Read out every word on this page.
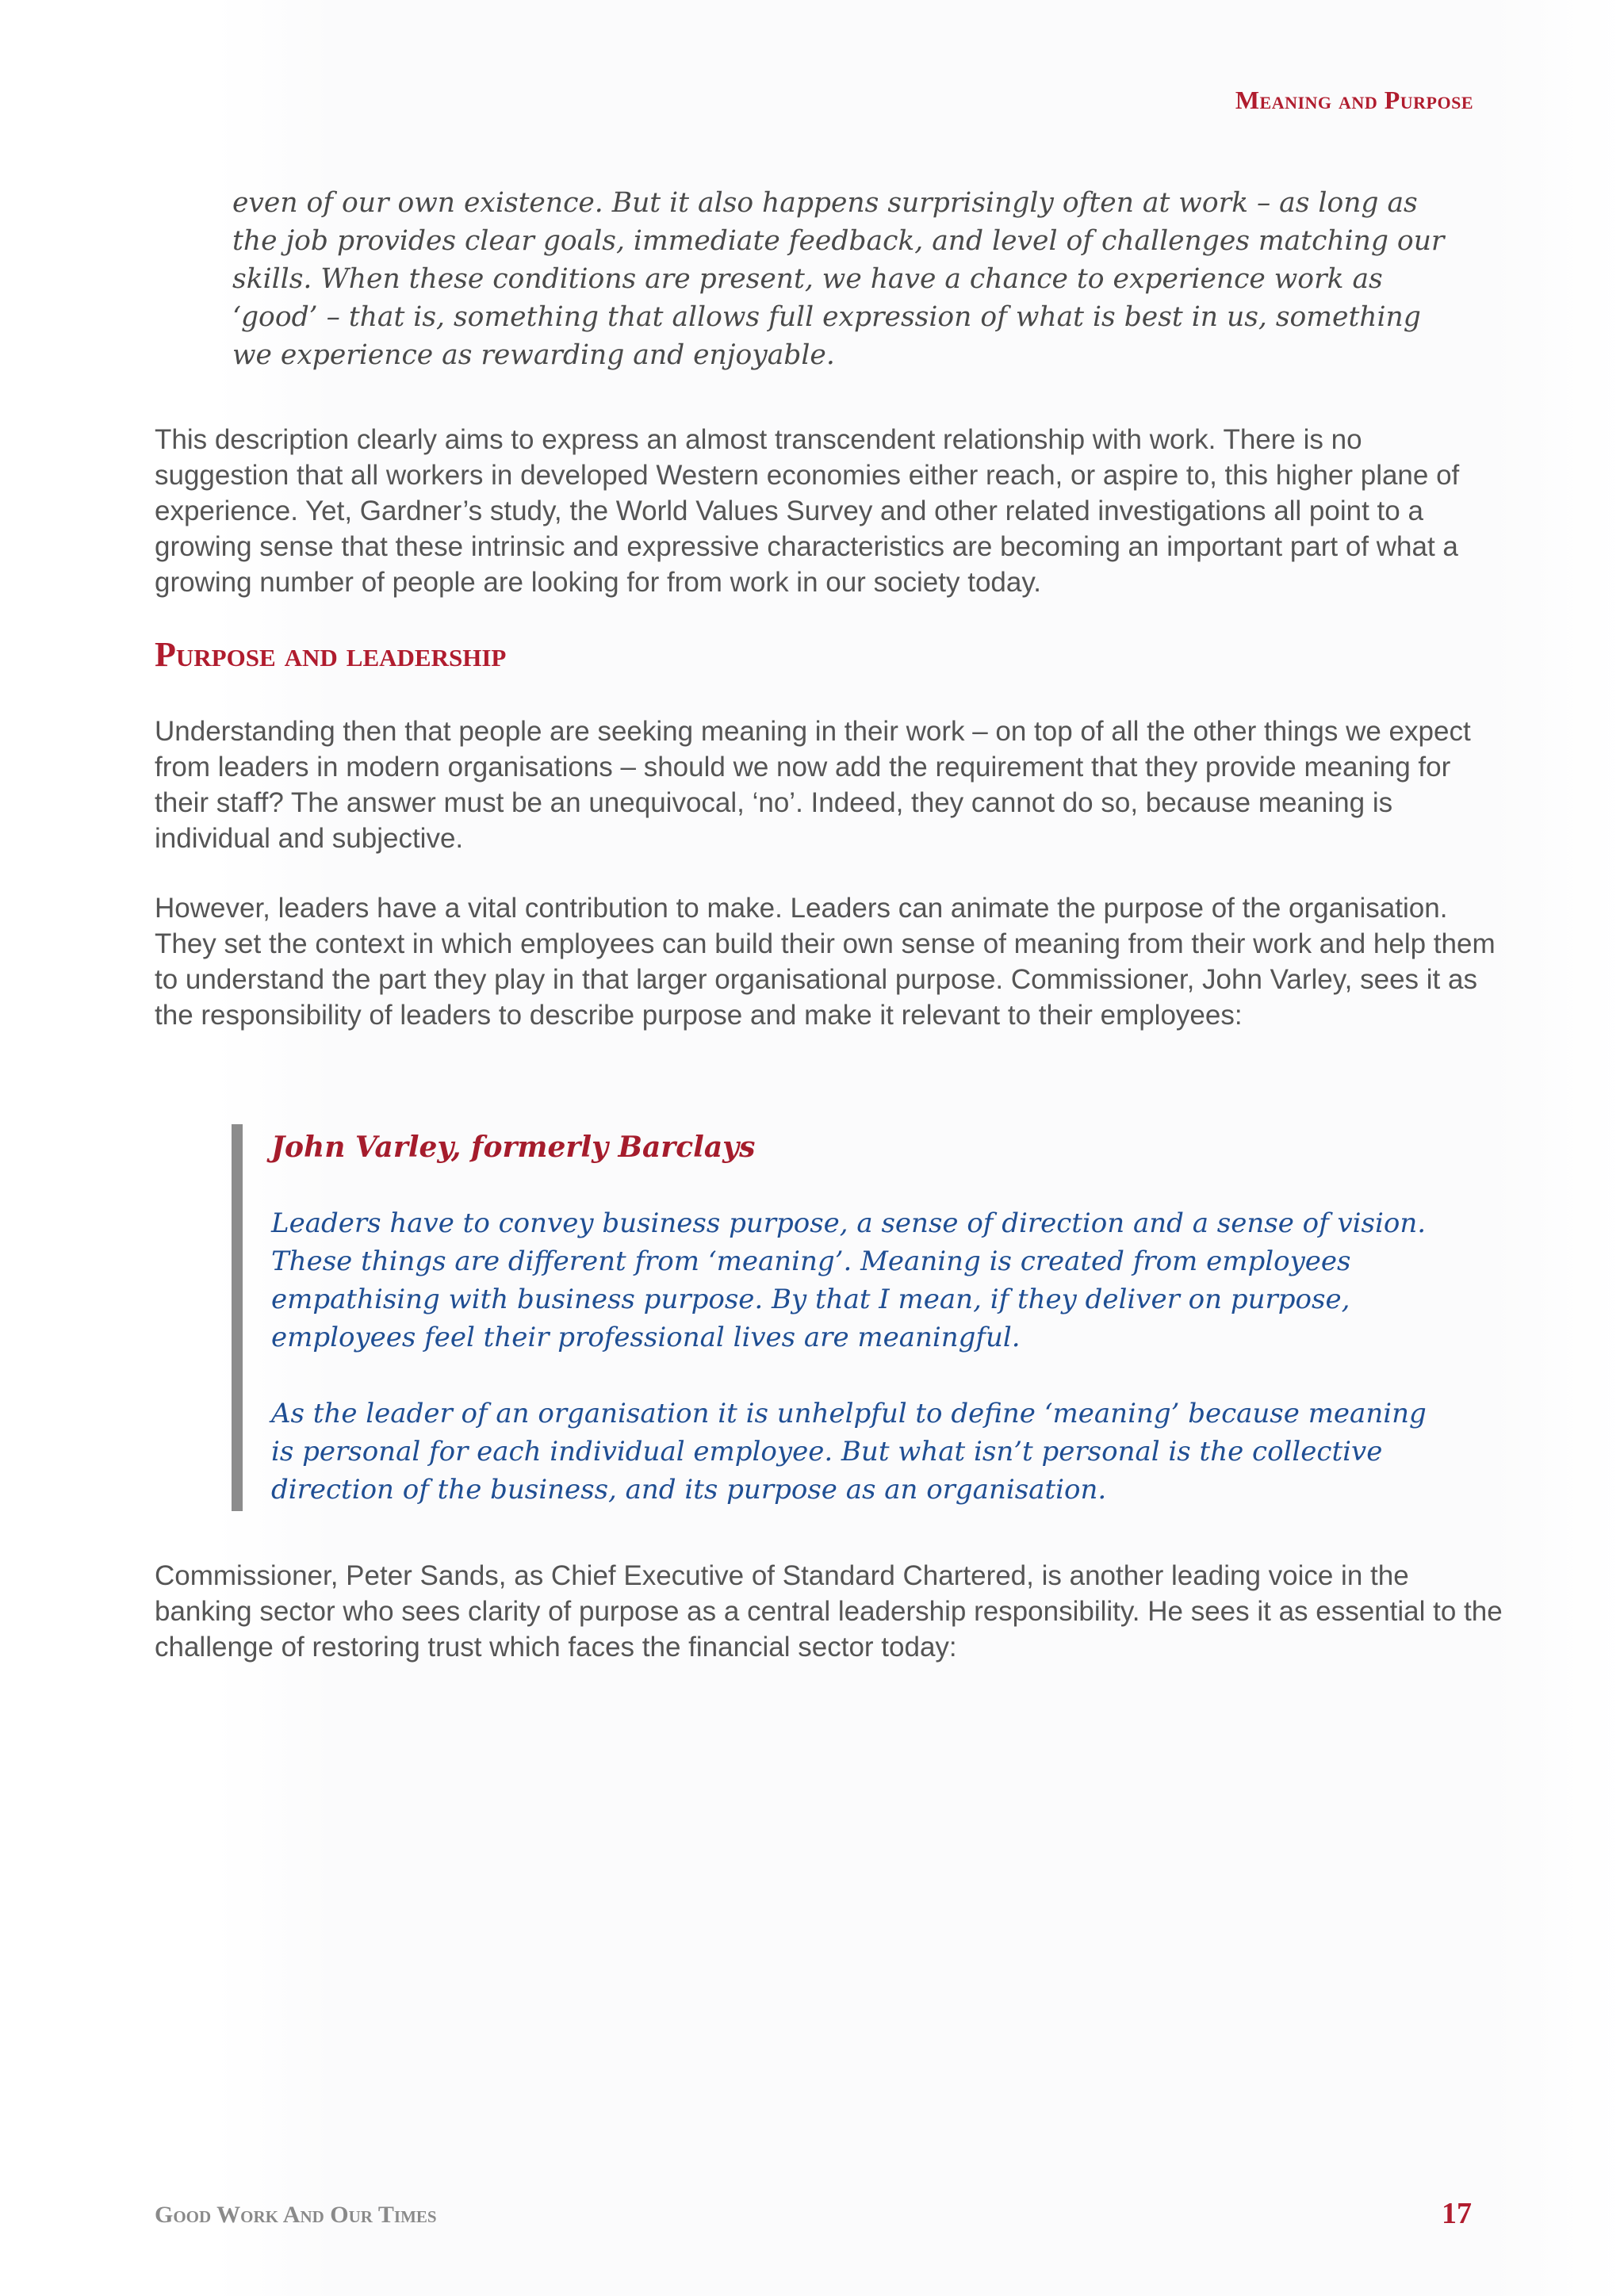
Meaning and Purpose

even of our own existence. But it also happens surprisingly often at work – as long as the job provides clear goals, immediate feedback, and level of challenges matching our skills. When these conditions are present, we have a chance to experience work as ‘good’ – that is, something that allows full expression of what is best in us, something we experience as rewarding and enjoyable.

This description clearly aims to express an almost transcendent relationship with work. There is no suggestion that all workers in developed Western economies either reach, or aspire to, this higher plane of experience. Yet, Gardner’s study, the World Values Survey and other related investigations all point to a growing sense that these intrinsic and expressive characteristics are becoming an important part of what a growing number of people are looking for from work in our society today.

Purpose and leadership

Understanding then that people are seeking meaning in their work – on top of all the other things we expect from leaders in modern organisations – should we now add the requirement that they provide meaning for their staff? The answer must be an unequivocal, ‘no’. Indeed, they cannot do so, because meaning is individual and subjective.

However, leaders have a vital contribution to make. Leaders can animate the purpose of the organisation. They set the context in which employees can build their own sense of meaning from their work and help them to understand the part they play in that larger organisational purpose. Commissioner, John Varley, sees it as the responsibility of leaders to describe purpose and make it relevant to their employees:

John Varley, formerly Barclays

Leaders have to convey business purpose, a sense of direction and a sense of vision. These things are different from ‘meaning’. Meaning is created from employees empathising with business purpose. By that I mean, if they deliver on purpose, employees feel their professional lives are meaningful.

As the leader of an organisation it is unhelpful to define ‘meaning’ because meaning is personal for each individual employee. But what isn’t personal is the collective direction of the business, and its purpose as an organisation.

Commissioner, Peter Sands, as Chief Executive of Standard Chartered, is another leading voice in the banking sector who sees clarity of purpose as a central leadership responsibility. He sees it as essential to the challenge of restoring trust which faces the financial sector today:

Good Work And Our Times	17
